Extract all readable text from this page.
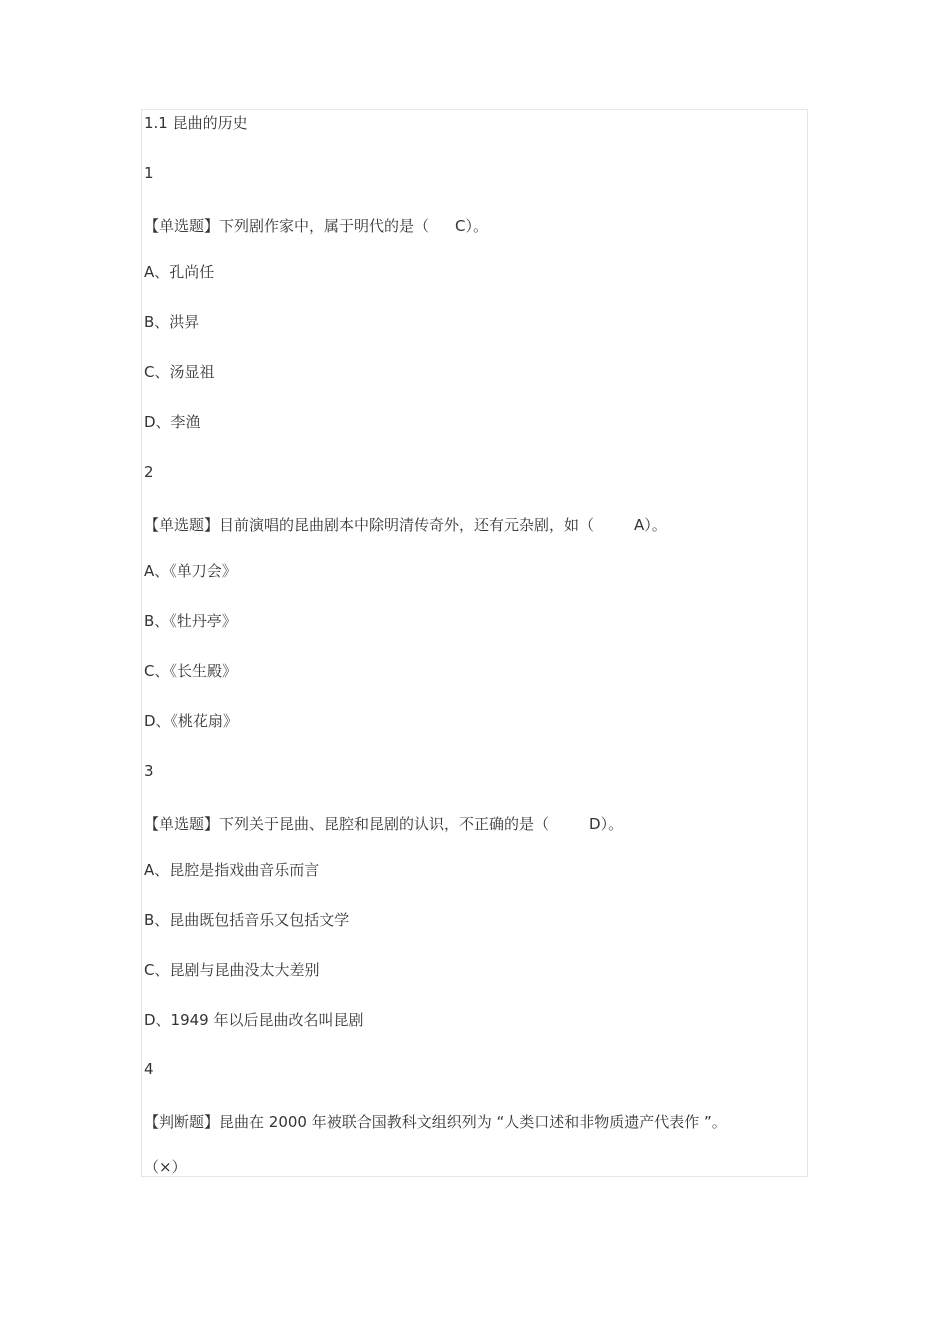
1.1 昆曲的历史
1
【单选题】下列剧作家中，属于明代的是（ C）。
A、孔尚任
B、洪昇
C、汤显祖
D、李渔
2
【单选题】目前演唱的昆曲剧本中除明清传奇外，还有元杂剧，如（	A）。
A、《单刀会》
B、《牡丹亭》
C、《长生殿》
D、《桃花扇》
3
【单选题】下列关于昆曲、昆腔和昆剧的认识，不正确的是（	D）。
A、昆腔是指戏曲音乐而言
B、昆曲既包括音乐又包括文学
C、昆剧与昆曲没太大差别
D、1949 年以后昆曲改名叫昆剧
4
【判断题】昆曲在 2000 年被联合国教科文组织列为 “人类口述和非物质遗产代表作 ”。
（×）
